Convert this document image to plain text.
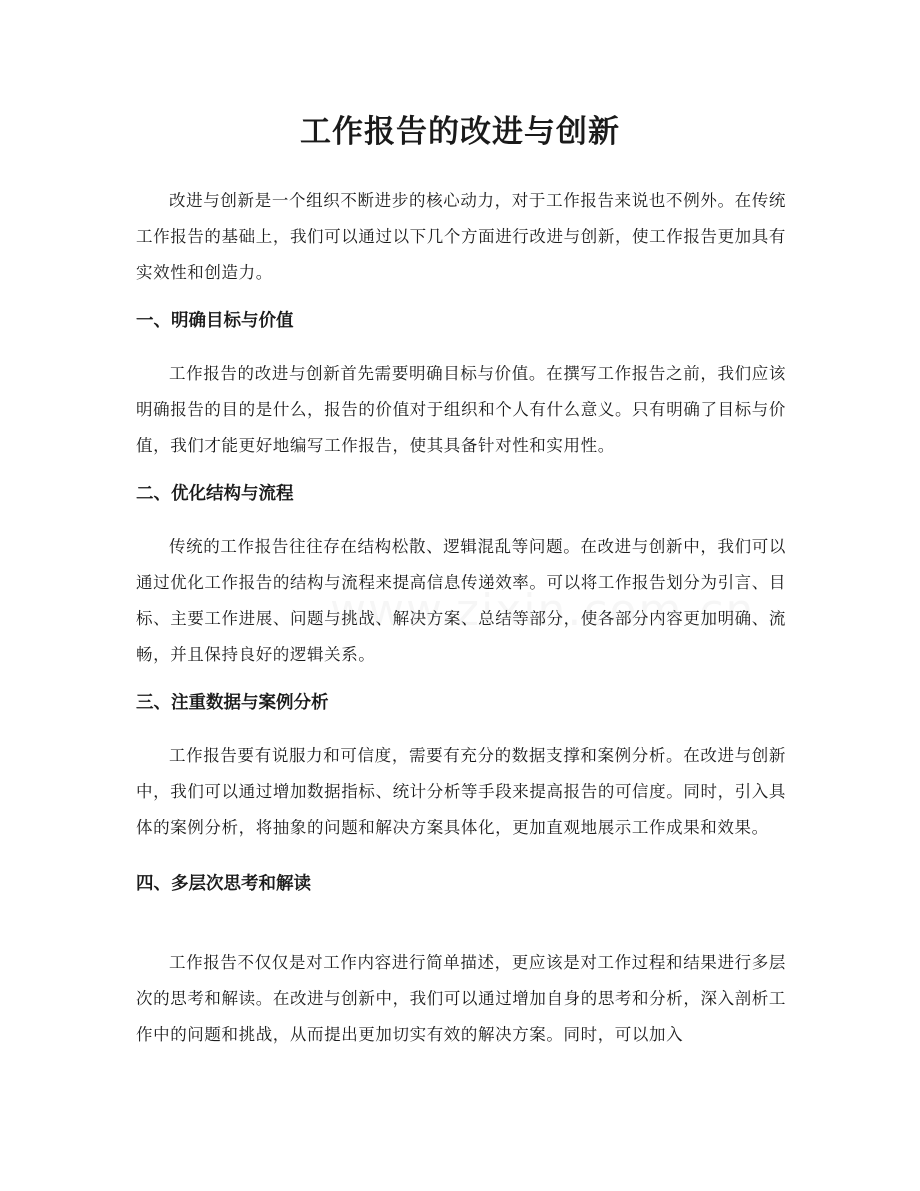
工作报告的改进与创新

改进与创新是一个组织不断进步的核心动力，对于工作报告来说也不例外。在传统工作报告的基础上，我们可以通过以下几个方面进行改进与创新，使工作报告更加具有实效性和创造力。

一、明确目标与价值

工作报告的改进与创新首先需要明确目标与价值。在撰写工作报告之前，我们应该明确报告的目的是什么，报告的价值对于组织和个人有什么意义。只有明确了目标与价值，我们才能更好地编写工作报告，使其具备针对性和实用性。

二、优化结构与流程

传统的工作报告往往存在结构松散、逻辑混乱等问题。在改进与创新中，我们可以通过优化工作报告的结构与流程来提高信息传递效率。可以将工作报告划分为引言、目标、主要工作进展、问题与挑战、解决方案、总结等部分，使各部分内容更加明确、流畅，并且保持良好的逻辑关系。

三、注重数据与案例分析

工作报告要有说服力和可信度，需要有充分的数据支撑和案例分析。在改进与创新中，我们可以通过增加数据指标、统计分析等手段来提高报告的可信度。同时，引入具体的案例分析，将抽象的问题和解决方案具体化，更加直观地展示工作成果和效果。

四、多层次思考和解读

工作报告不仅仅是对工作内容进行简单描述，更应该是对工作过程和结果进行多层次的思考和解读。在改进与创新中，我们可以通过增加自身的思考和分析，深入剖析工作中的问题和挑战，从而提出更加切实有效的解决方案。同时，可以加入
